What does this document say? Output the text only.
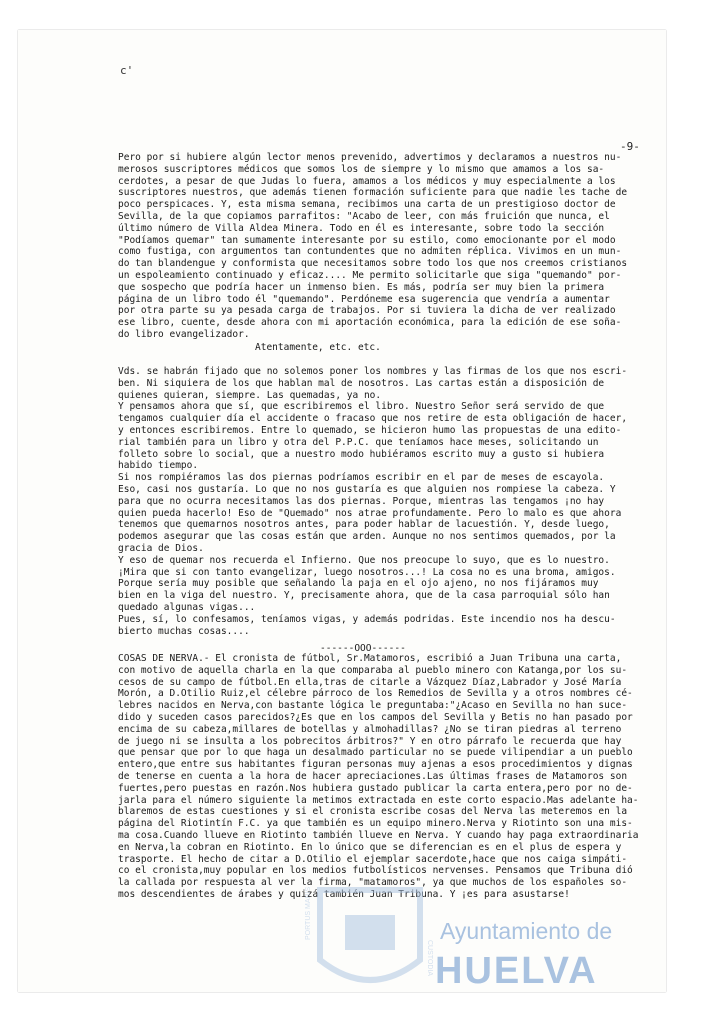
c'
-9-
Pero por si hubiere algún lector menos prevenido, advertimos y declaramos a nuestros nu-
merosos suscriptores médicos que somos los de siempre y lo mismo que amamos a los sa-
cerdotes, a pesar de que Judas lo fuera, amamos a los médicos y muy especialmente a los
suscriptores nuestros, que además tienen formación suficiente para que nadie les tache de
poco perspicaces. Y, esta misma semana, recibimos una carta de un prestigioso doctor de
Sevilla, de la que copiamos parrafitos: "Acabo de leer, con más fruición que nunca, el
último número de Villa Aldea Minera. Todo en él es interesante, sobre todo la sección
"Podíamos quemar" tan sumamente interesante por su estilo, como emocionante por el modo
como fustiga, con argumentos tan contundentes que no admiten réplica. Vivimos en un mun-
do tan blandengue y conformista que necesitamos sobre todo los que nos creemos cristianos
un espoleamiento continuado y eficaz.... Me permito solicitarle que siga "quemando" por-
que sospecho que podría hacer un inmenso bien. Es más, podría ser muy bien la primera
página de un libro todo él "quemando". Perdóneme esa sugerencia que vendría a aumentar
por otra parte su ya pesada carga de trabajos. Por si tuviera la dicha de ver realizado
ese libro, cuente, desde ahora con mi aportación económica, para la edición de ese soña-
do libro evangelizador.
Atentamente, etc. etc.
Vds. se habrán fijado que no solemos poner los nombres y las firmas de los que nos escri-
ben. Ni siquiera de los que hablan mal de nosotros. Las cartas están a disposición de
quienes quieran, siempre. Las quemadas, ya no.
Y pensamos ahora que sí, que escribiremos el libro. Nuestro Señor será servido de que
tengamos cualquier día el accidente o fracaso que nos retire de esta obligación de hacer,
y entonces escribiremos. Entre lo quemado, se hicieron humo las propuestas de una edito-
rial también para un libro y otra del P.P.C. que teníamos hace meses, solicitando un
folleto sobre lo social, que a nuestro modo hubiéramos escrito muy a gusto si hubiera
habido tiempo.
Si nos rompiéramos las dos piernas podríamos escribir en el par de meses de escayola.
Eso, casi nos gustaría. Lo que no nos gustaría es que alguien nos rompiese la cabeza. Y
para que no ocurra necesitamos las dos piernas. Porque, mientras las tengamos ¡no hay
quien pueda hacerlo! Eso de "Quemado" nos atrae profundamente. Pero lo malo es que ahora
tenemos que quemarnos nosotros antes, para poder hablar de lacuestión. Y, desde luego,
podemos asegurar que las cosas están que arden. Aunque no nos sentimos quemados, por la
gracia de Dios.
Y eso de quemar nos recuerda el Infierno. Que nos preocupe lo suyo, que es lo nuestro.
¡Mira que si con tanto evangelizar, luego nosotros...! La cosa no es una broma, amigos.
Porque sería muy posible que señalando la paja en el ojo ajeno, no nos fijáramos muy
bien en la viga del nuestro. Y, precisamente ahora, que de la casa parroquial sólo han
quedado algunas vigas...
Pues, sí, lo confesamos, teníamos vigas, y además podridas. Este incendio nos ha descu-
bierto muchas cosas....
------OOO------
COSAS DE NERVA.- El cronista de fútbol, Sr.Matamoros, escribió a Juan Tribuna una carta,
con motivo de aquella charla en la que comparaba al pueblo minero con Katanga,por los su-
cesos de su campo de fútbol.En ella,tras de citarle a Vázquez Díaz,Labrador y José María
Morón, a D.Otilio Ruiz,el célebre párroco de los Remedios de Sevilla y a otros nombres cé-
lebres nacidos en Nerva,con bastante lógica le preguntaba:"¿Acaso en Sevilla no han suce-
dido y suceden casos parecidos?¿Es que en los campos del Sevilla y Betis no han pasado por
encima de su cabeza,millares de botellas y almohadillas? ¿No se tiran piedras al terreno
de juego ni se insulta a los pobrecitos árbitros?" Y en otro párrafo le recuerda que hay
que pensar que por lo que haga un desalmado particular no se puede vilipendiar a un pueblo
entero,que entre sus habitantes figuran personas muy ajenas a esos procedimientos y dignas
de tenerse en cuenta a la hora de hacer apreciaciones.Las últimas frases de Matamoros son
fuertes,pero puestas en razón.Nos hubiera gustado publicar la carta entera,pero por no de-
jarla para el número siguiente la metimos extractada en este corto espacio.Mas adelante ha-
blaremos de estas cuestiones y si el cronista escribe cosas del Nerva las meteremos en la
página del Riotintín F.C. ya que también es un equipo minero.Nerva y Riotinto son una mis-
ma cosa.Cuando llueve en Riotinto también llueve en Nerva. Y cuando hay paga extraordinaria
en Nerva,la cobran en Riotinto. En lo único que se diferencian es en el plus de espera y
trasporte. El hecho de citar a D.Otilio el ejemplar sacerdote,hace que nos caiga simpáti-
co el cronista,muy popular en los medios futbolísticos nervenses. Pensamos que Tribuna dió
la callada por respuesta al ver la firma, "matamoros", ya que muchos de los españoles so-
mos descendientes de árabes y quizá también Juan Tribuna. Y ¡es para asustarse!
PORTUS MARIS
CUSTODIA
Ayuntamiento de
HUELVA
